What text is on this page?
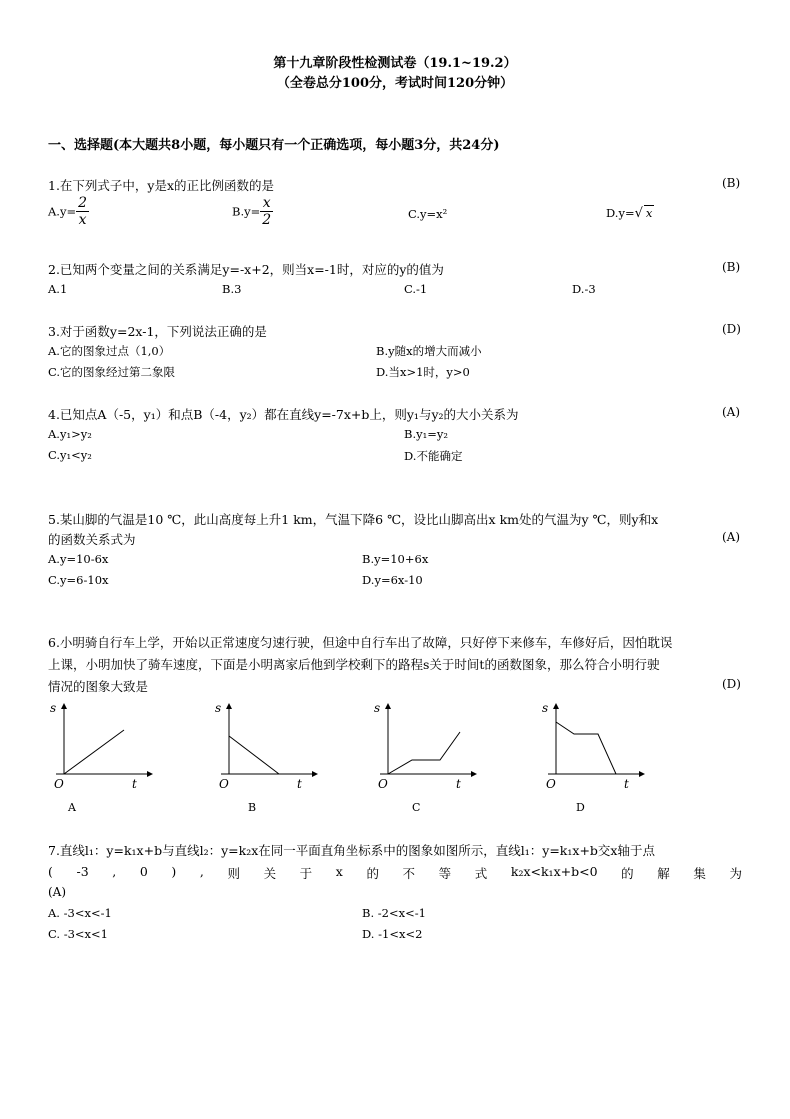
第十九章阶段性检测试卷（19.1~19.2）
（全卷总分100分，考试时间120分钟）
一、选择题(本大题共8小题，每小题只有一个正确选项，每小题3分，共24分)
1.在下列式子中，y是x的正比例函数的是	(B)
$A.y= \frac{2}{x}$	$B.y= \frac{x}{2}$	C.y=x²	D.y=√ x
2.已知两个变量之间的关系满足y=-x+2，则当x=-1时，对应的y的值为	(B)
A.1	B.3	C.-1	D.-3
3.对于函数y=2x-1，下列说法正确的是	(D)
A.它的图象过点（1,0）	B.y随x的增大而减小
C.它的图象经过第二象限	D.当x>1时，y>0
4.已知点A（-5，y₁）和点B（-4，y₂）都在直线y=-7x+b上，则y₁与y₂的大小关系为	(A)
A.y₁>y₂	B.y₁=y₂
C.y₁<y₂	D.不能确定
5.某山脚的气温是10 ℃，此山高度每上升1 km，气温下降6 ℃，设比山脚高出x km处的气温为y ℃，则y和x
的函数关系式为	(A)
A.y=10-6x	B.y=10+6x
C.y=6-10x	D.y=6x-10
6.小明骑自行车上学，开始以正常速度匀速行驶，但途中自行车出了故障，只好停下来修车，车修好后，因怕耽误
上课，小明加快了骑车速度，下面是小明离家后他到学校剩下的路程s关于时间t的函数图象，那么符合小明行驶
情况的图象大致是	(D)
s
O	t
A
s
O	t
B
s
O	t
C
s
O	t
D
7.直线l₁：y=k₁x+b与直线l₂：y=k₂x在同一平面直角坐标系中的图象如图所示，直线l₁：y=k₁x+b交x轴于点
( -3 , 0 ) , 则 关 于 x 的 不 等 式 k₂x<k₁x+b<0 的 解 集 为
(A)
A. -3<x<-1	B. -2<x<-1
C. -3<x<1	D. -1<x<2
